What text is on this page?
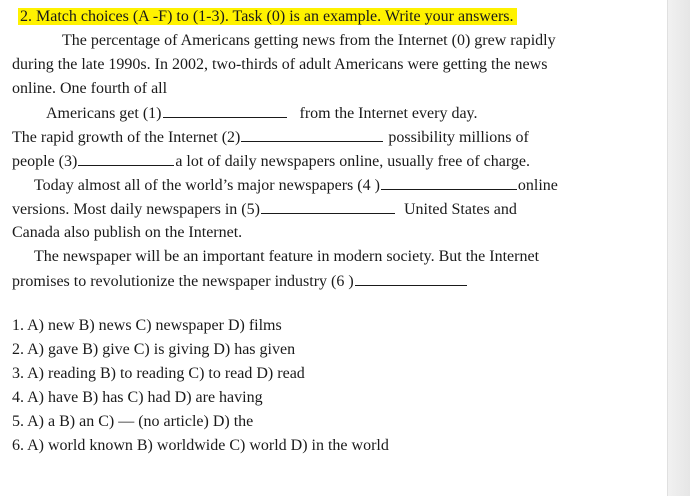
2. Match choices (A -F) to (1-3). Task (0) is an example. Write your answers.
The percentage of Americans getting news from the Internet (0) grew rapidly
during the late 1990s. In 2002, two-thirds of adult Americans were getting the news
online. One fourth of all
Americans get (1)	from the Internet every day.
The rapid growth of the Internet (2)	possibility millions of
people (3)	a lot of daily newspapers online, usually free of charge.
Today almost all of the world’s major newspapers (4 )	online
versions. Most daily newspapers in (5)	United States and
Canada also publish on the Internet.
The newspaper will be an important feature in modern society. But the Internet
promises to revolutionize the newspaper industry (6 )
1. A) new B) news C) newspaper D) films
2. A) gave B) give C) is giving D) has given
3. A) reading B) to reading C) to read D) read
4. A) have B) has C) had D) are having
5. A) a B) an C) — (no article) D) the
6. A) world known B) worldwide C) world D) in the world
